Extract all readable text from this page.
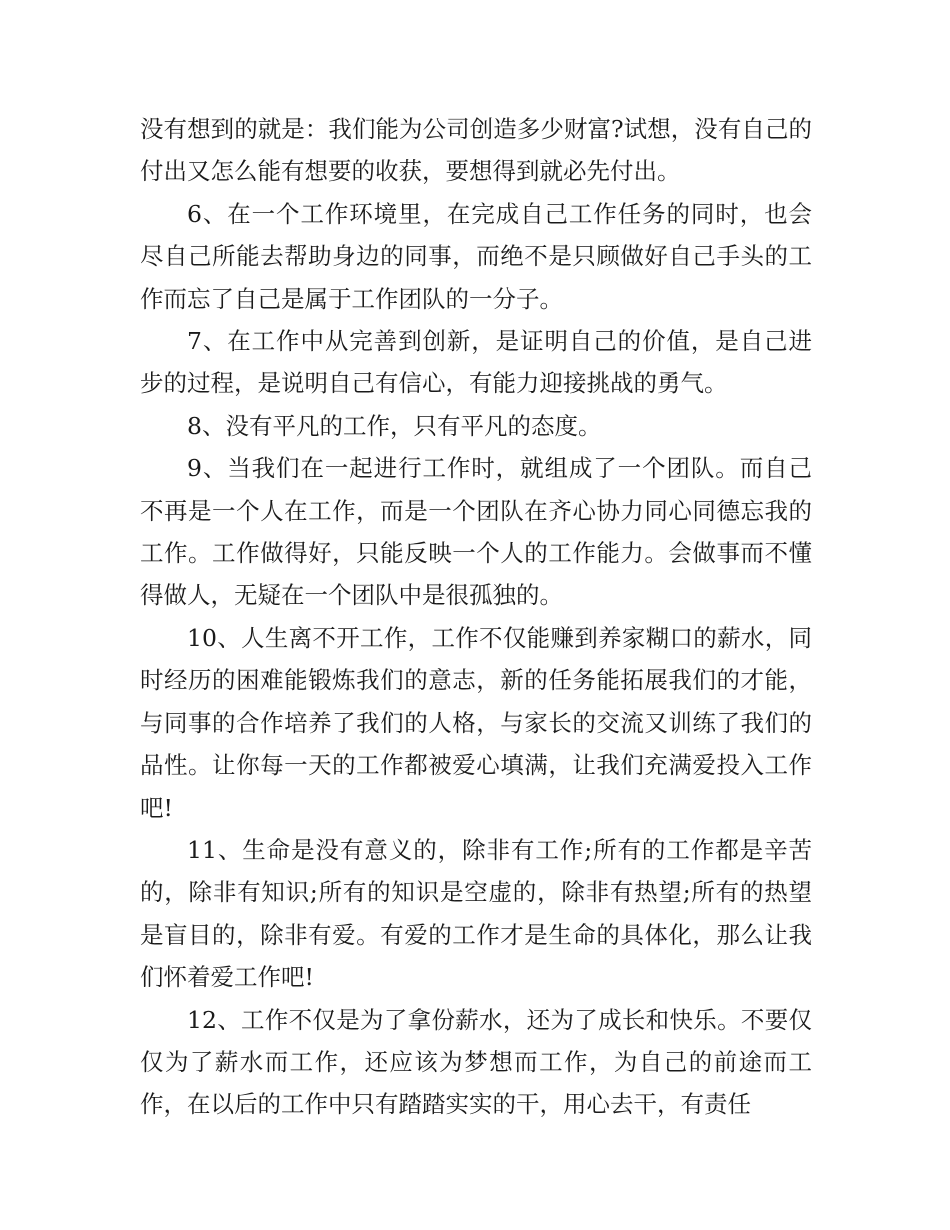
没有想到的就是：我们能为公司创造多少财富?试想，没有自己的付出又怎么能有想要的收获，要想得到就必先付出。

6、在一个工作环境里，在完成自己工作任务的同时，也会尽自己所能去帮助身边的同事，而绝不是只顾做好自己手头的工作而忘了自己是属于工作团队的一分子。

7、在工作中从完善到创新，是证明自己的价值，是自己进步的过程，是说明自己有信心，有能力迎接挑战的勇气。

8、没有平凡的工作，只有平凡的态度。

9、当我们在一起进行工作时，就组成了一个团队。而自己不再是一个人在工作，而是一个团队在齐心协力同心同德忘我的工作。工作做得好，只能反映一个人的工作能力。会做事而不懂得做人，无疑在一个团队中是很孤独的。

10、人生离不开工作，工作不仅能赚到养家糊口的薪水，同时经历的困难能锻炼我们的意志，新的任务能拓展我们的才能，与同事的合作培养了我们的人格，与家长的交流又训练了我们的品性。让你每一天的工作都被爱心填满，让我们充满爱投入工作吧!

11、生命是没有意义的，除非有工作;所有的工作都是辛苦的，除非有知识;所有的知识是空虚的，除非有热望;所有的热望是盲目的，除非有爱。有爱的工作才是生命的具体化，那么让我们怀着爱工作吧!

12、工作不仅是为了拿份薪水，还为了成长和快乐。不要仅仅为了薪水而工作，还应该为梦想而工作，为自己的前途而工作，在以后的工作中只有踏踏实实的干，用心去干，有责任
